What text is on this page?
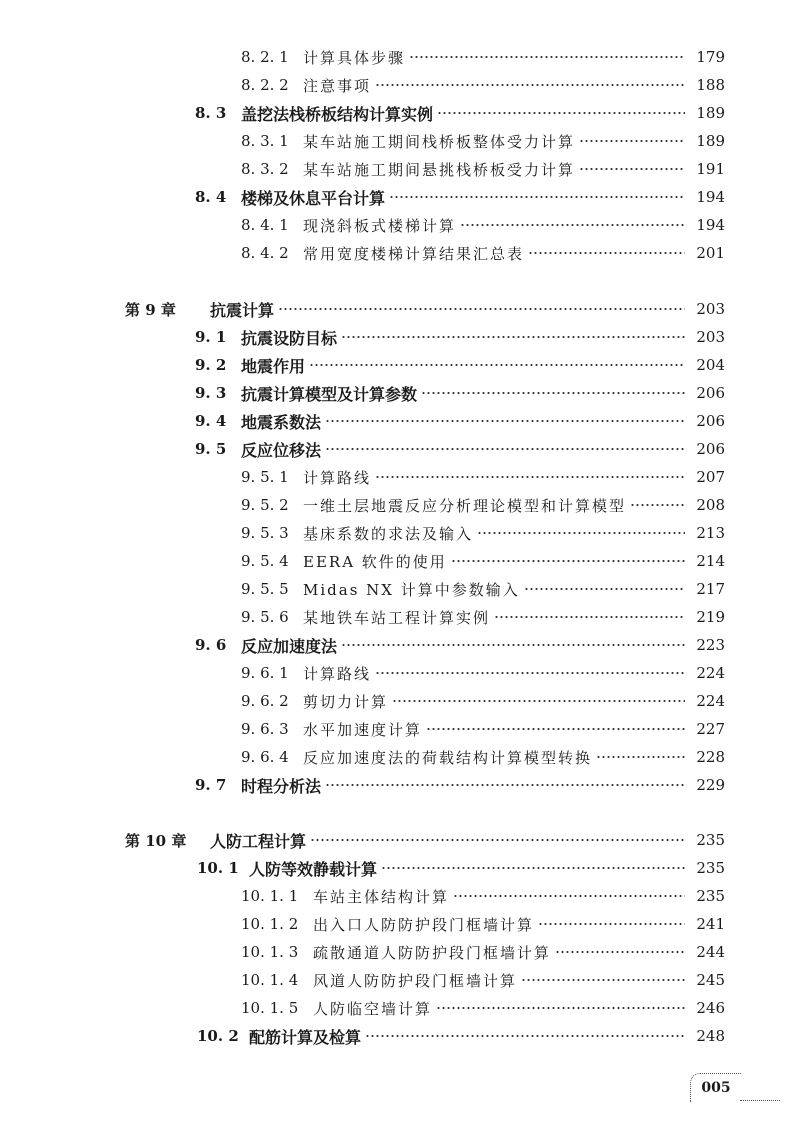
8. 2. 1 计算具体步骤	179
8. 2. 2 注意事项	188
8. 3 盖挖法栈桥板结构计算实例	189
8. 3. 1 某车站施工期间栈桥板整体受力计算	189
8. 3. 2 某车站施工期间悬挑栈桥板受力计算	191
8. 4 楼梯及休息平台计算	194
8. 4. 1 现浇斜板式楼梯计算	194
8. 4. 2 常用宽度楼梯计算结果汇总表	201
第 9 章	抗震计算	203
9. 1 抗震设防目标	203
9. 2 地震作用	204
9. 3 抗震计算模型及计算参数	206
9. 4 地震系数法	206
9. 5 反应位移法	206
9. 5. 1 计算路线	207
9. 5. 2 一维土层地震反应分析理论模型和计算模型	208
9. 5. 3 基床系数的求法及输入	213
9. 5. 4 EERA 软件的使用	214
9. 5. 5 Midas NX 计算中参数输入	217
9. 5. 6 某地铁车站工程计算实例	219
9. 6 反应加速度法	223
9. 6. 1 计算路线	224
9. 6. 2 剪切力计算	224
9. 6. 3 水平加速度计算	227
9. 6. 4 反应加速度法的荷载结构计算模型转换	228
9. 7 时程分析法	229
第 10 章	人防工程计算	235
10. 1 人防等效静载计算	235
10. 1. 1 车站主体结构计算	235
10. 1. 2 出入口人防防护段门框墙计算	241
10. 1. 3 疏散通道人防防护段门框墙计算	244
10. 1. 4 风道人防防护段门框墙计算	245
10. 1. 5 人防临空墙计算	246
10. 2 配筋计算及检算	248
005
